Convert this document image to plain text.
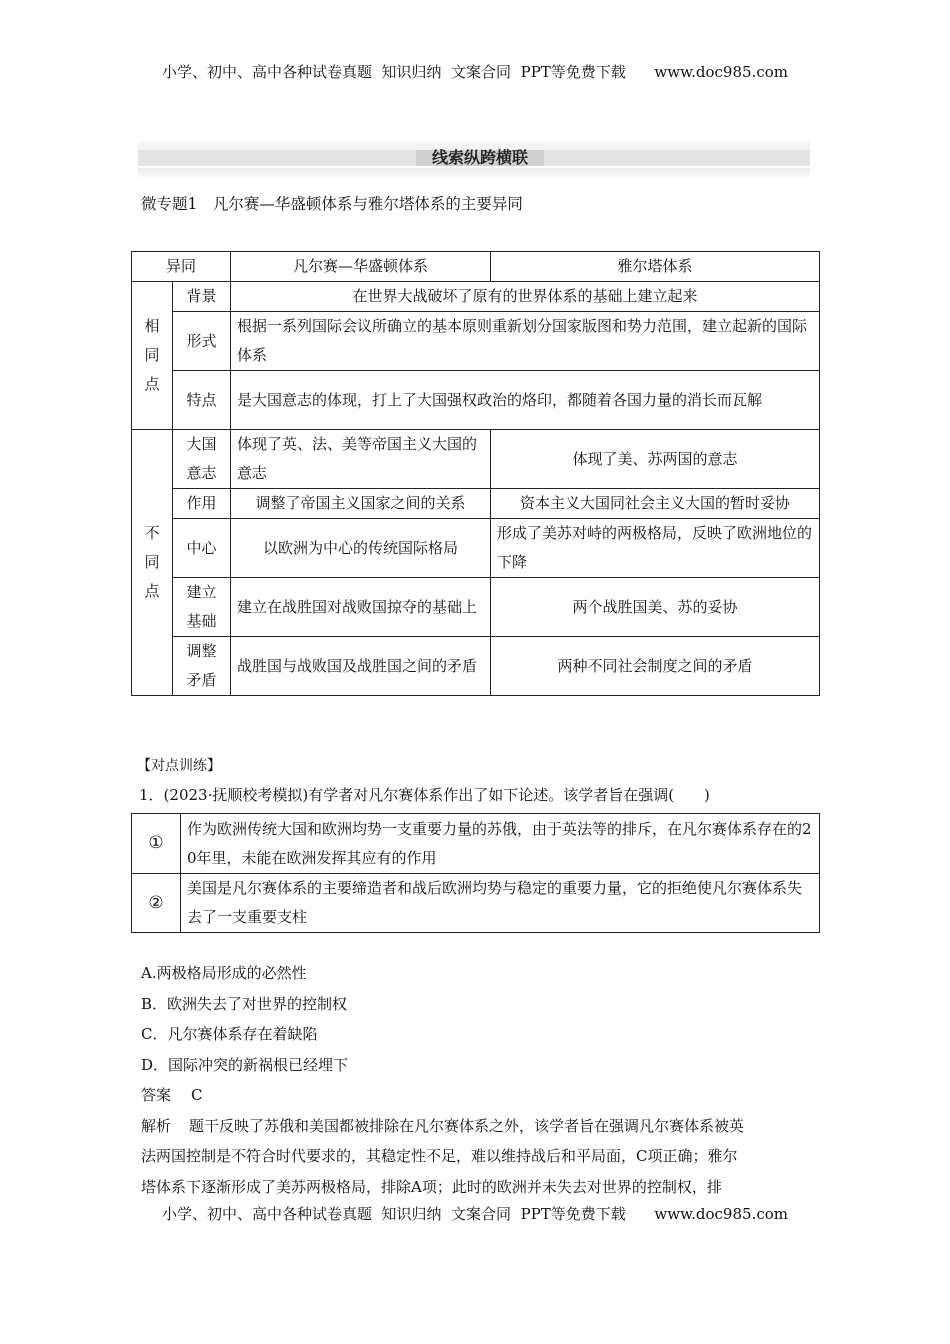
小学、初中、高中各种试卷真题  知识归纳  文案合同  PPT等免费下载      www.doc985.com
线索纵跨横联
微专题1　凡尔赛—华盛顿体系与雅尔塔体系的主要异同
异同		凡尔赛—华盛顿体系	雅尔塔体系
相同点	背景	在世界大战破坏了原有的世界体系的基础上建立起来	
	形式	根据一系列国际会议所确立的基本原则重新划分国家版图和势力范围，建立起新的国际体系	
	特点	是大国意志的体现，打上了大国强权政治的烙印，都随着各国力量的消长而瓦解	
不同点	大国意志	体现了英、法、美等帝国主义大国的意志	体现了美、苏两国的意志
	作用	调整了帝国主义国家之间的关系	资本主义大国同社会主义大国的暂时妥协
	中心	以欧洲为中心的传统国际格局	形成了美苏对峙的两极格局，反映了欧洲地位的下降
	建立基础	建立在战胜国对战败国掠夺的基础上	两个战胜国美、苏的妥协
	调整矛盾	战胜国与战败国及战胜国之间的矛盾	两种不同社会制度之间的矛盾
【对点训练】
1．(2023·抚顺校考模拟)有学者对凡尔赛体系作出了如下论述。该学者旨在强调(　　)
①	作为欧洲传统大国和欧洲均势一支重要力量的苏俄，由于英法等的排斥，在凡尔赛体系存在的20年里，未能在欧洲发挥其应有的作用
②	美国是凡尔赛体系的主要缔造者和战后欧洲均势与稳定的重要力量，它的拒绝使凡尔赛体系失去了一支重要支柱
A.两极格局形成的必然性
B．欧洲失去了对世界的控制权
C．凡尔赛体系存在着缺陷
D．国际冲突的新祸根已经埋下
答案 C
解析 题干反映了苏俄和美国都被排除在凡尔赛体系之外，该学者旨在强调凡尔赛体系被英
法两国控制是不符合时代要求的，其稳定性不足，难以维持战后和平局面，C项正确；雅尔
塔体系下逐渐形成了美苏两极格局，排除A项；此时的欧洲并未失去对世界的控制权，排
小学、初中、高中各种试卷真题  知识归纳  文案合同  PPT等免费下载      www.doc985.com
